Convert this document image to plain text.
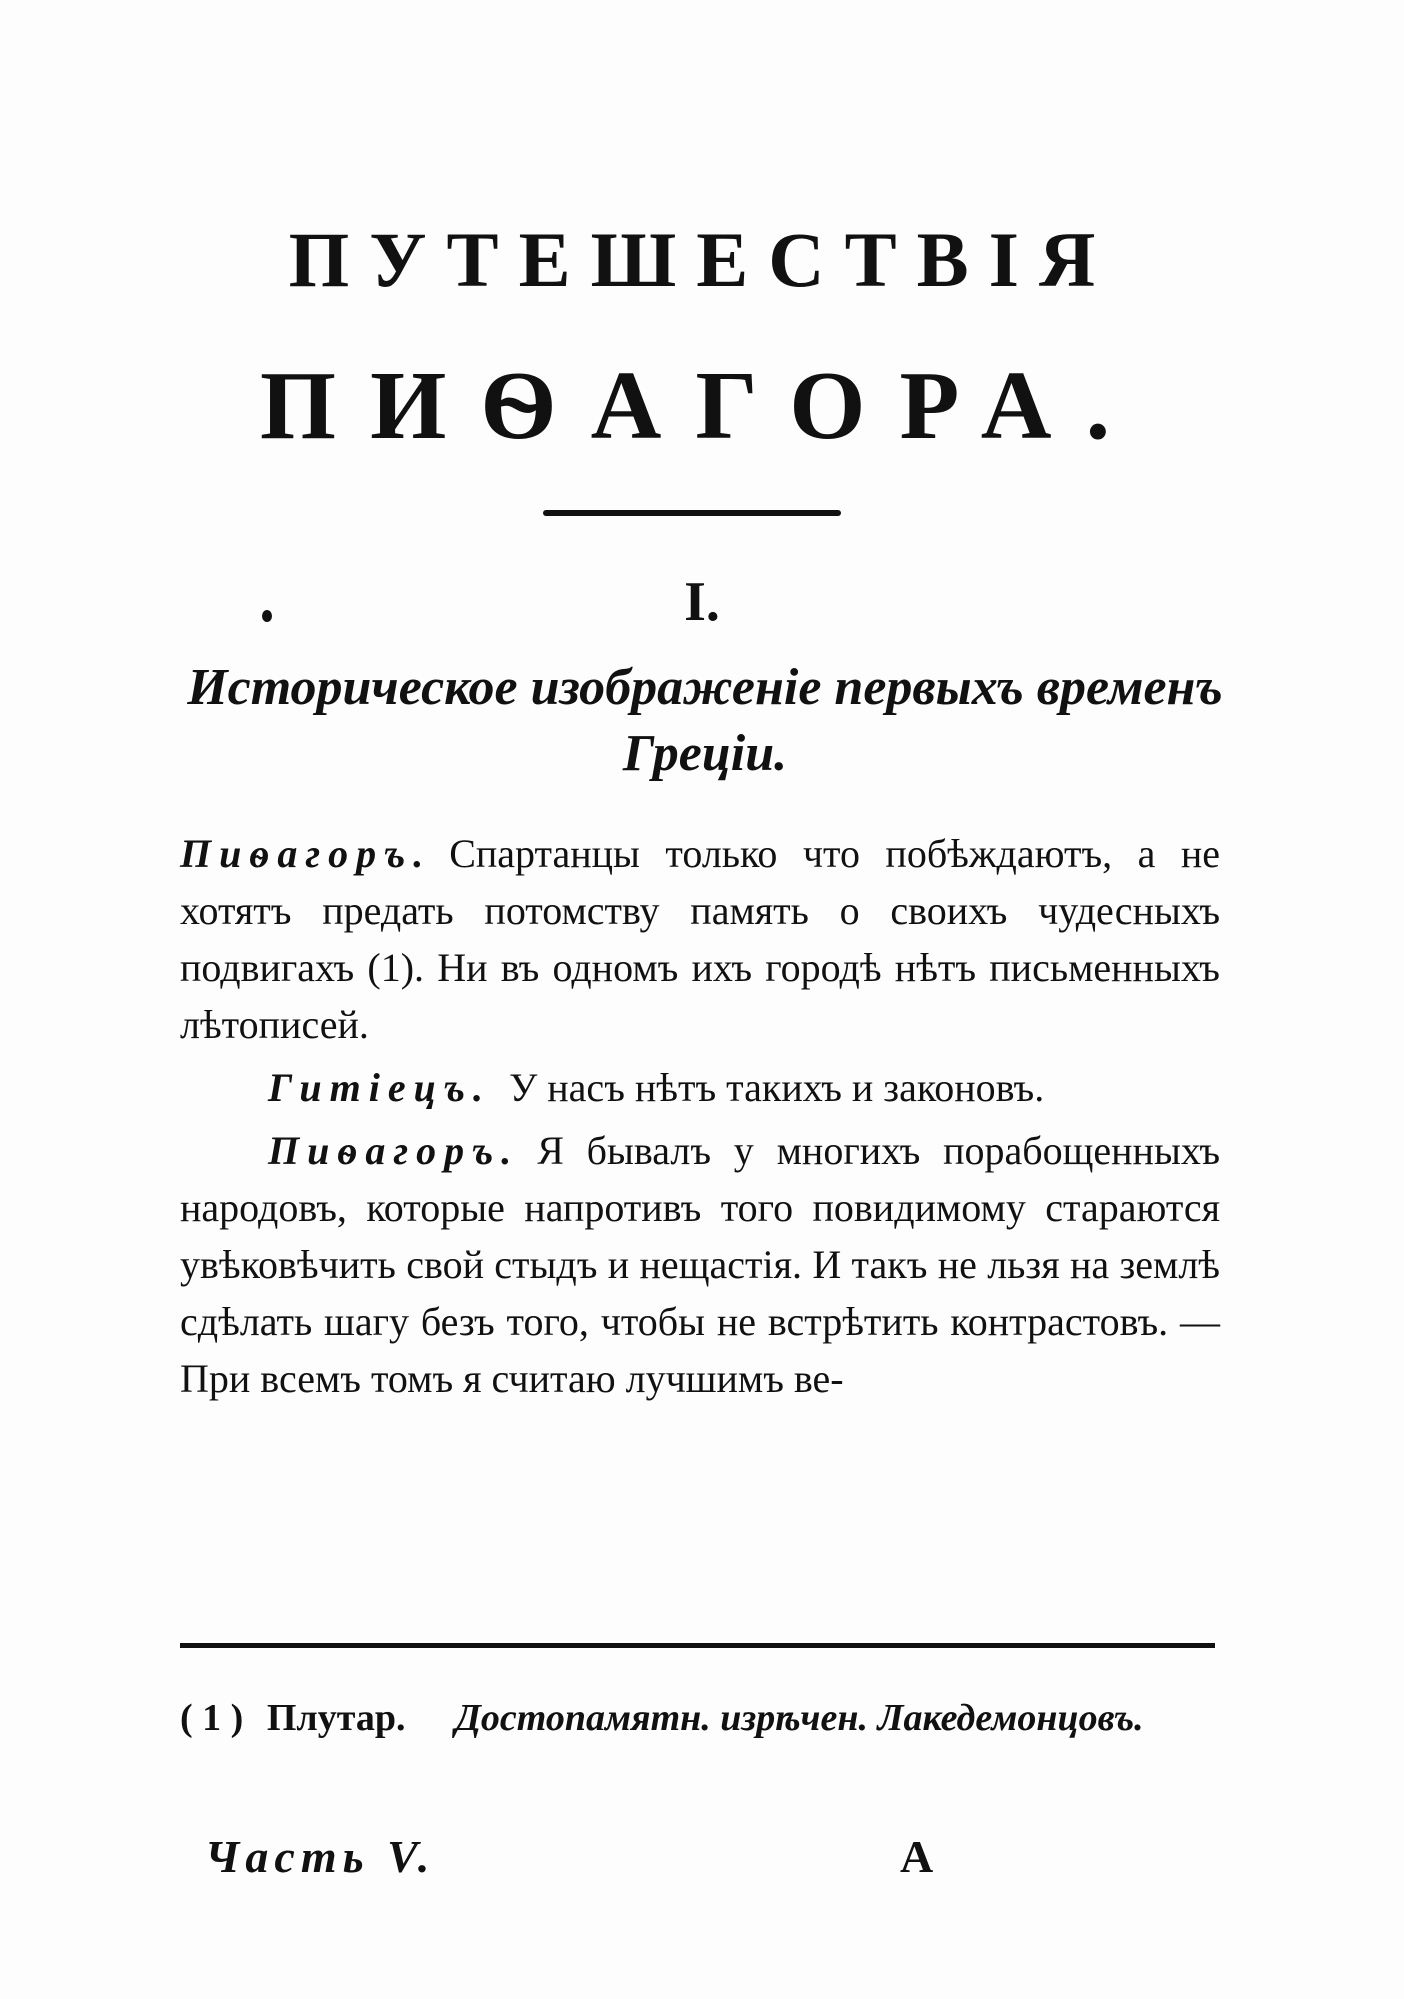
ПУТЕШЕСТВІЯ
ПИѲАГОРА.
I.
Историческое изображеніе первыхъ временъ Греціи.

Пиѳагоръ. Спартанцы только что побѣждаютъ, а не хотятъ предать потомству память о своихъ чудесныхъ подвигахъ (1). Ни въ одномъ ихъ городѣ нѣтъ письменныхъ лѣтописей.

Гитіецъ. У насъ нѣтъ такихъ и законовъ.

Пиѳагоръ. Я бывалъ у многихъ порабощенныхъ народовъ, которые напротивъ того повидимому стараются увѣковѣчить свой стыдъ и нещастія. И такъ не льзя на землѣ сдѣлать шагу безъ того, чтобы не встрѣтить контрастовъ. — При всемъ томъ я считаю лучшимъ ве-

( 1 ) Плутар. Достопамятн. изрѣчен. Лакедемонцовъ.
Часть V.	А
